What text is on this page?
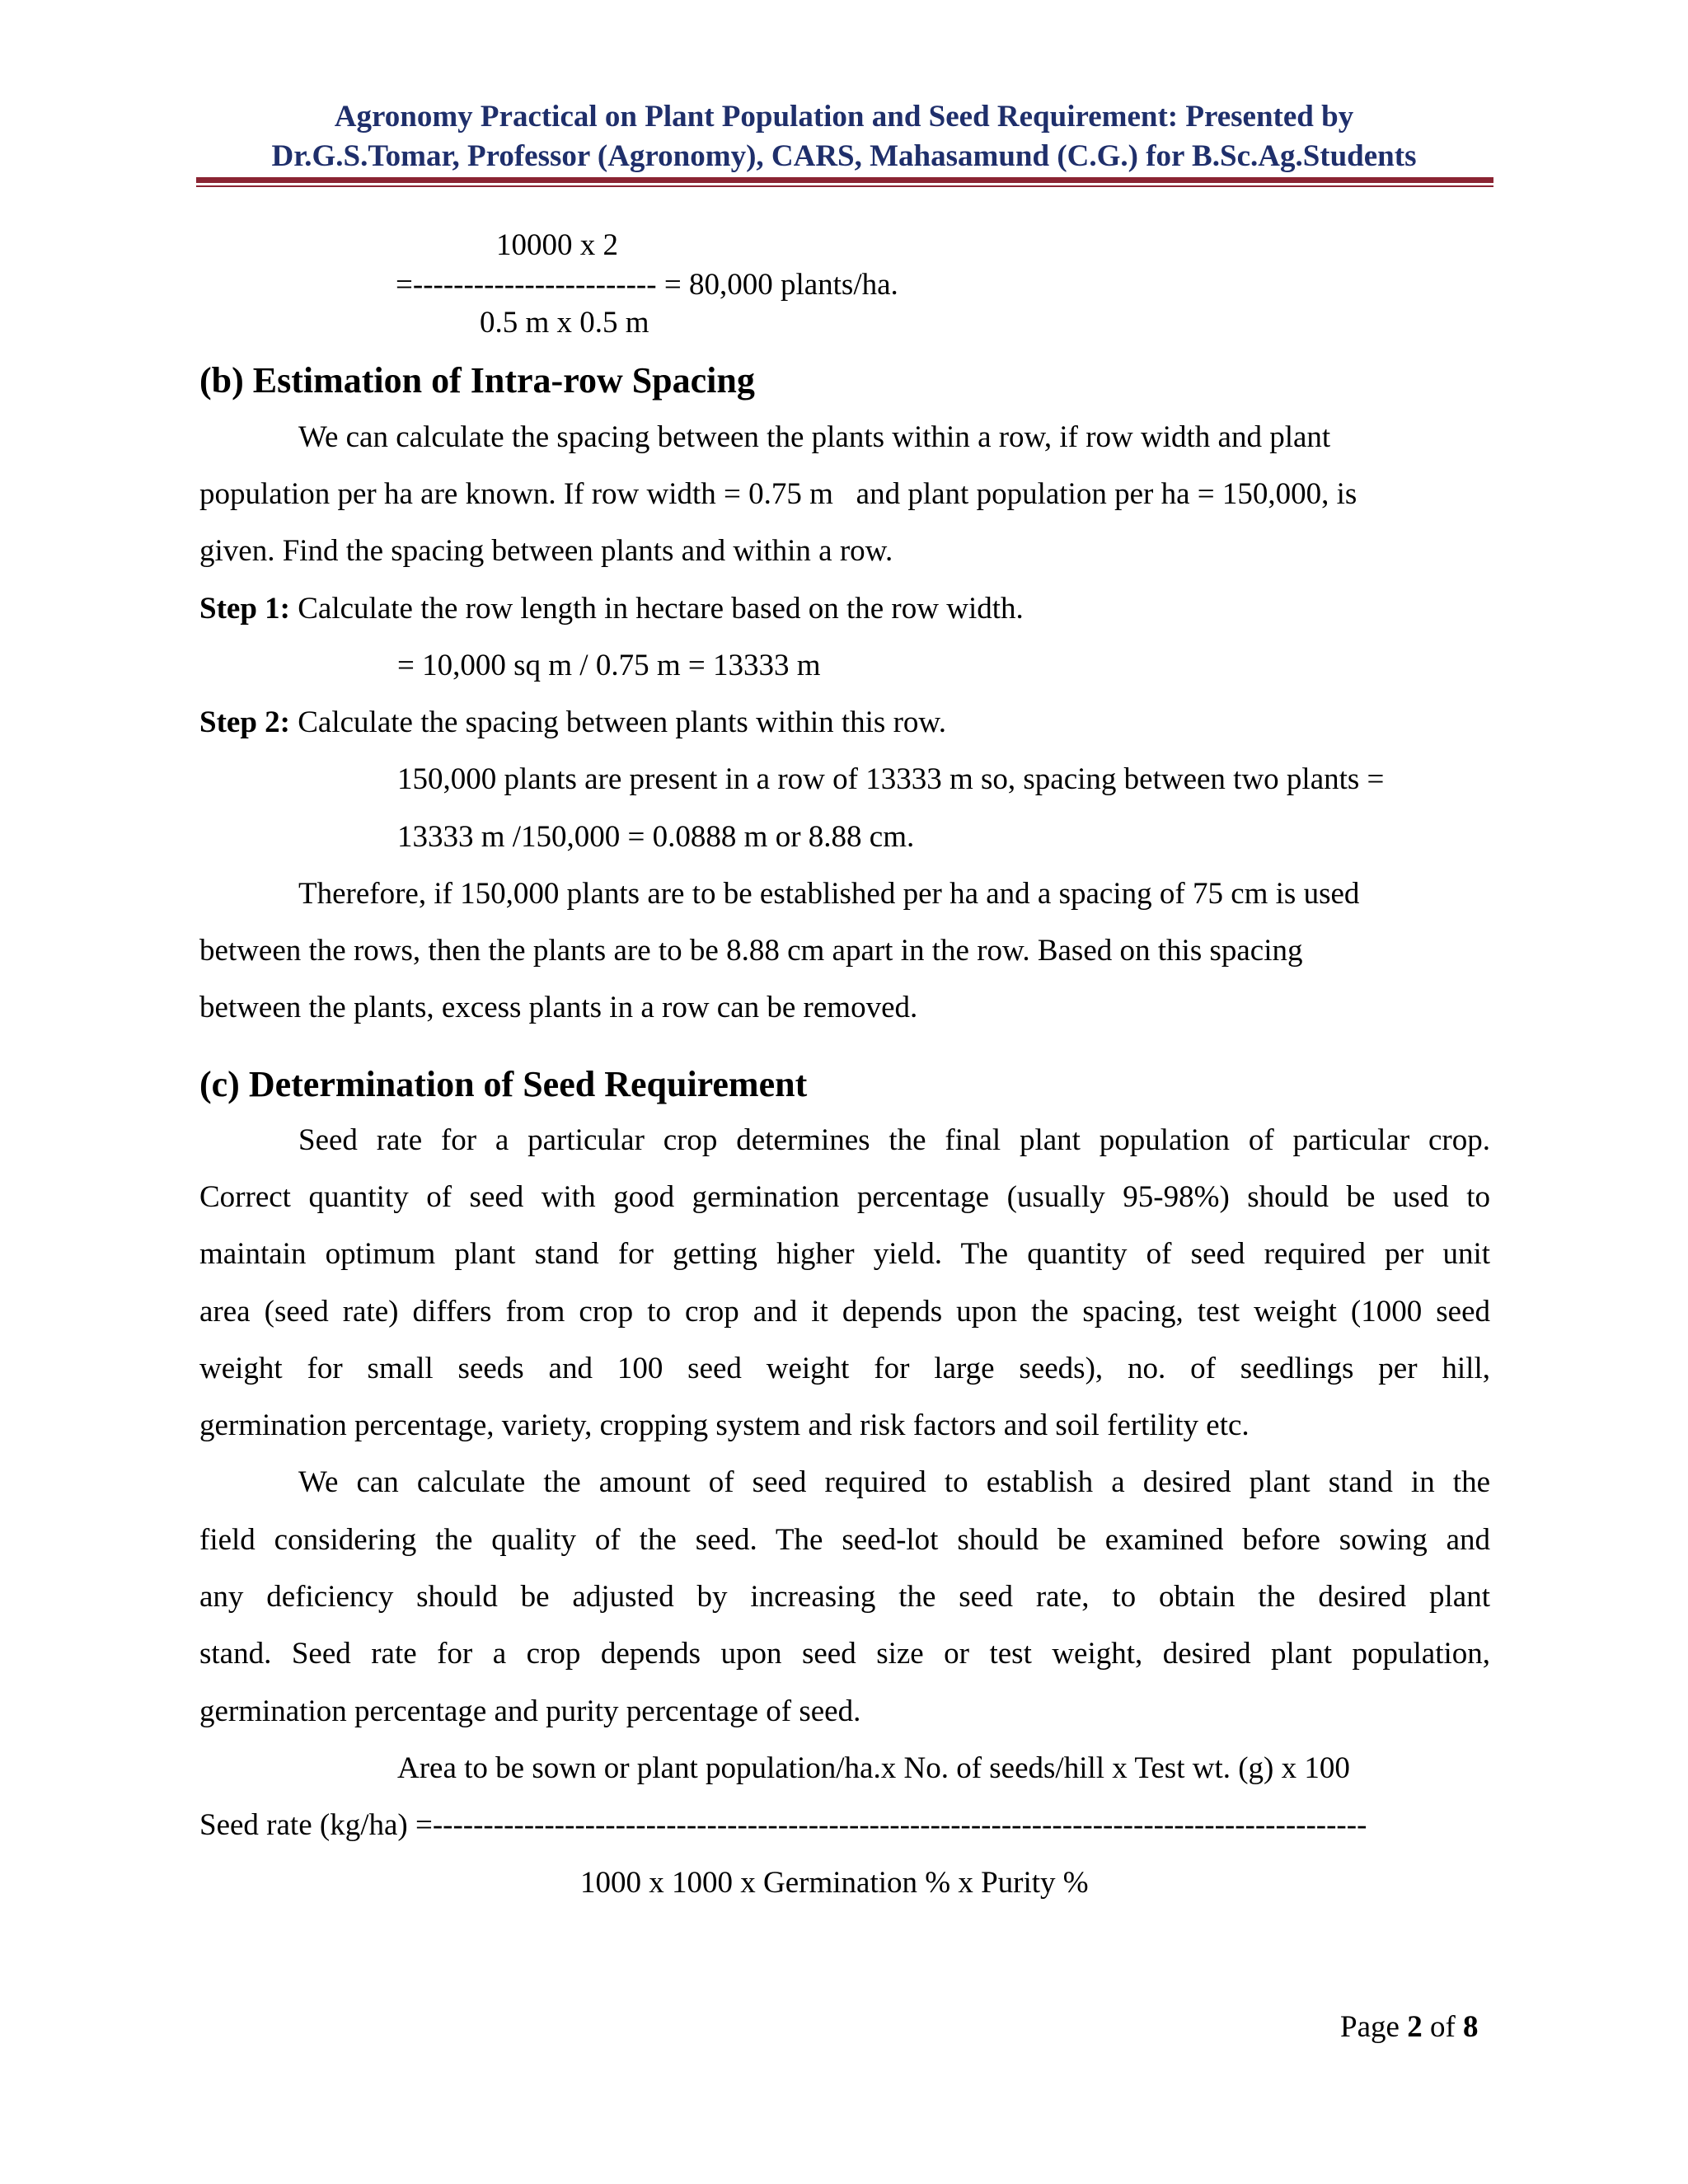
Agronomy Practical on Plant Population and Seed Requirement: Presented by
Dr.G.S.Tomar, Professor (Agronomy), CARS, Mahasamund (C.G.) for B.Sc.Ag.Students
10000 x 2
=------------------------ = 80,000 plants/ha.
0.5 m x 0.5 m
(b) Estimation of Intra-row Spacing
We can calculate the spacing between the plants within a row, if row width and plant
population per ha are known. If row width = 0.75 m   and plant population per ha = 150,000, is
given. Find the spacing between plants and within a row.
Step 1: Calculate the row length in hectare based on the row width.
= 10,000 sq m / 0.75 m = 13333 m
Step 2: Calculate the spacing between plants within this row.
150,000 plants are present in a row of 13333 m so, spacing between two plants =
13333 m /150,000 = 0.0888 m or 8.88 cm.
Therefore, if 150,000 plants are to be established per ha and a spacing of 75 cm is used
between the rows, then the plants are to be 8.88 cm apart in the row. Based on this spacing
between the plants, excess plants in a row can be removed.
(c) Determination of Seed Requirement
Seed rate for a particular crop determines the final plant population of particular crop.
Correct quantity of seed with good germination percentage (usually 95-98%) should be used to
maintain optimum plant stand for getting higher yield. The quantity of seed required per unit
area (seed rate) differs from crop to crop and it depends upon the spacing, test weight (1000 seed
weight for small seeds and 100 seed weight for large seeds), no. of seedlings per hill,
germination percentage, variety, cropping system and risk factors and soil fertility etc.
We can calculate the amount of seed required to establish a desired plant stand in the
field considering the quality of the seed. The seed-lot should be examined before sowing and
any deficiency should be adjusted by increasing the seed rate, to obtain the desired plant
stand. Seed rate for a crop depends upon seed size or test weight, desired plant population,
germination percentage and purity percentage of seed.
Area to be sown or plant population/ha.x No. of seeds/hill x Test wt. (g) x 100
Seed rate (kg/ha) =--------------------------------------------------------------------------------------------
1000 x 1000 x Germination % x Purity %
Page 2 of 8
